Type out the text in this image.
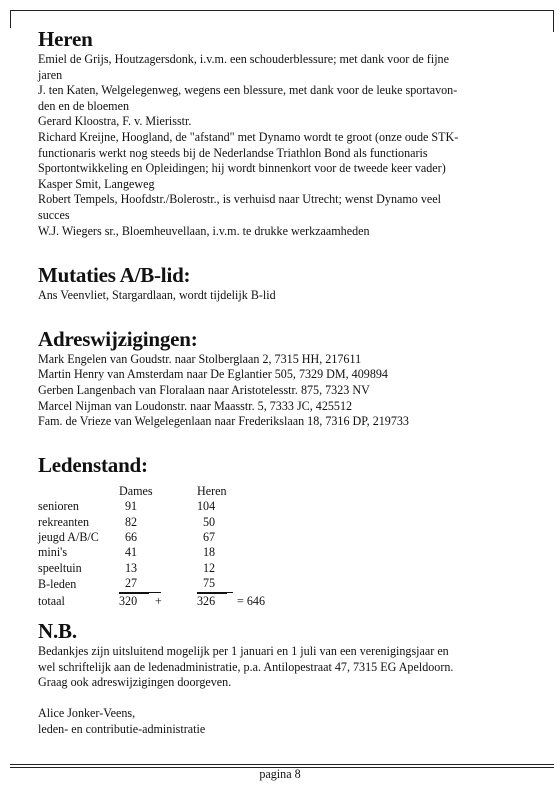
Heren

Emiel de Grijs, Houtzagersdonk, i.v.m. een schouderblessure; met dank voor de fijne

jaren

J. ten Katen, Welgelegenweg, wegens een blessure, met dank voor de leuke sportavon-

den en de bloemen

Gerard Kloostra, F. v. Mierisstr.

Richard Kreijne, Hoogland, de "afstand" met Dynamo wordt te groot (onze oude STK-

functionaris werkt nog steeds bij de Nederlandse Triathlon Bond als functionaris

Sportontwikkeling en Opleidingen; hij wordt binnenkort voor de tweede keer vader)

Kasper Smit, Langeweg

Robert Tempels, Hoofdstr./Bolerostr., is verhuisd naar Utrecht; wenst Dynamo veel

succes

W.J. Wiegers sr., Bloemheuvellaan, i.v.m. te drukke werkzaamheden

Mutaties A/B-lid:

Ans Veenvliet, Stargardlaan, wordt tijdelijk B-lid

Adreswijzigingen:

Mark Engelen van Goudstr. naar Stolberglaan 2, 7315 HH, 217611

Martin Henry van Amsterdam naar De Eglantier 505, 7329 DM, 409894

Gerben Langenbach van Floralaan naar Aristotelesstr. 875, 7323 NV

Marcel Nijman van Loudonstr. naar Maasstr. 5, 7333 JC, 425512

Fam. de Vrieze van Welgelegenlaan naar Frederikslaan 18, 7316 DP, 219733

Ledenstand:
	Dames	Heren	
senioren	91	104	
rekreanten	82	50	
jeugd A/B/C	66	67	
mini's	41	18	
speeltuin	13	12	
B-leden	27	75	
totaal	320 +	326	= 646
N.B.

Bedankjes zijn uitsluitend mogelijk per 1 januari en 1 juli van een verenigingsjaar en

wel schriftelijk aan de ledenadministratie, p.a. Antilopestraat 47, 7315 EG Apeldoorn.

Graag ook adreswijzigingen doorgeven.

Alice Jonker-Veens,

leden- en contributie-administratie

pagina 8
